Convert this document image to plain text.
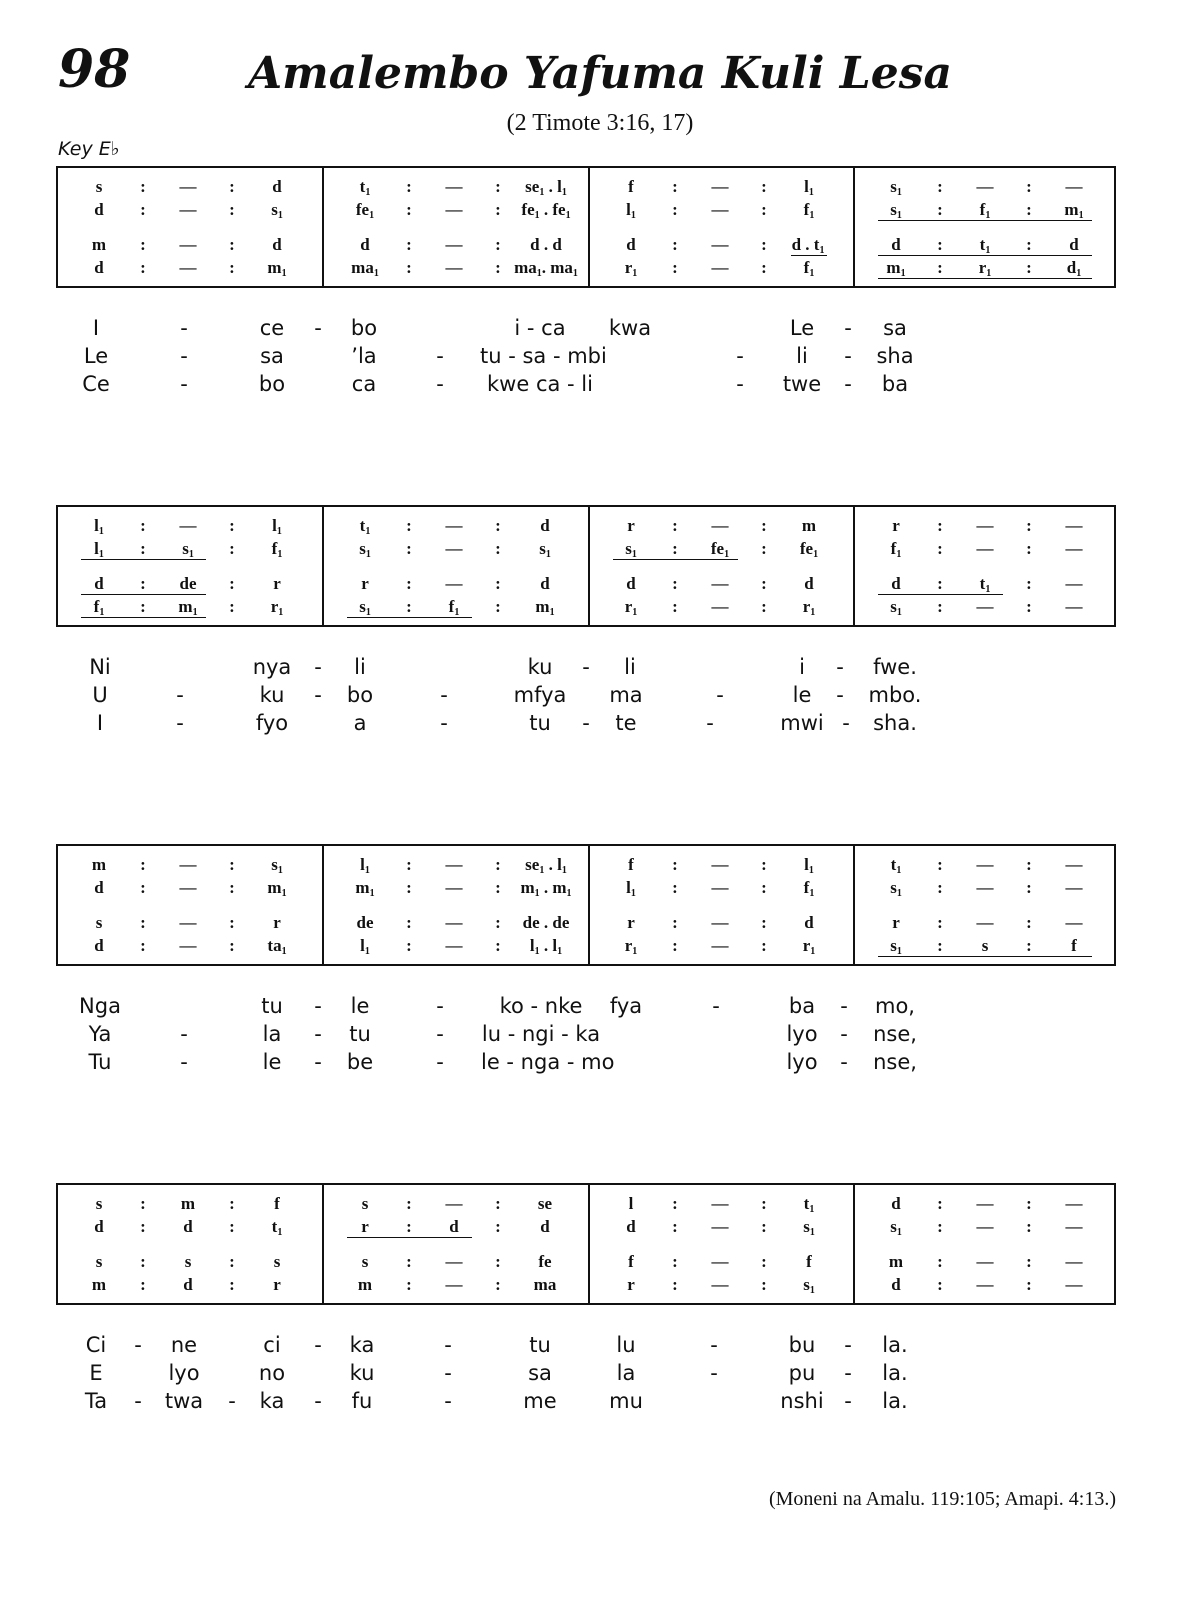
98	Amalembo Yafuma Kuli Lesa
(2 Timote 3:16, 17)
Key E♭
s	:	—	:	d	$t_1$	:	—	:	$se_1$ . $l_1$	f	:	—	:	$l_1$	$s_1$	:	—	:	—
d	:	—	:	$s_1$	$fe_1$	:	—	:	$fe_1$ . $fe_1$	$l_1$	:	—	:	$f_1$	$s_1$	:	$f_1$	:	$m_1$
m	:	—	:	d	d	:	—	:	d . d	d	:	—	:	d . $t_1$	d	:	$t_1$	:	d
d	:	—	:	$m_1$	$ma_1$	:	—	: $ma_1$. $ma_1$	$r_1$	:	—	:	$f_1$	$m_1$	:	$r_1$	:	$d_1$
I	-	ce	-	bo	i - ca	kwa	Le	-	sa
Le	-	sa	’la	-	tu - sa - mbi	-	li	-	sha
Ce	-	bo	ca	-	kwe ca - li	-	twe	-	ba
$l_1$	:	—	:	$l_1$	$t_1$	:	—	:	d	r	:	—	:	m	r	:	—	:	—
$l_1$	:	$s_1$	:	$f_1$	$s_1$	:	—	:	$s_1$	$s_1$	:	$fe_1$	:	$fe_1$	$f_1$	:	—	:	—
d	:	de	:	r	r	:	—	:	d	d	:	—	:	d	d	:	$t_1$	:	—
$f_1$	:	$m_1$	:	$r_1$	$s_1$	:	$f_1$	:	$m_1$	$r_1$	:	—	:	$r_1$	$s_1$	:	—	:	—
Ni	nya	-	li	ku	-	li	i	-	fwe.
U	-	ku	-	bo	-	mfya	ma	-	le	-	mbo.
I	-	fyo	a	-	tu	-	te	-	mwi -	sha.
m	:	—	:	$s_1$	$l_1$	:	—	:	$se_1$ . $l_1$	f	:	—	:	$l_1$	$t_1$	:	—	:	—
d	:	—	:	$m_1$	$m_1$	:	—	:	$m_1$ . $m_1$	$l_1$	:	—	:	$f_1$	$s_1$	:	—	:	—
s	:	—	:	r	de	:	—	:	de . de	r	:	—	:	d	r	:	—	:	—
d	:	—	:	$ta_1$	$l_1$	:	—	:	$l_1$ . $l_1$	$r_1$	:	—	:	$r_1$	$s_1$	:	s	:	f
Nga	tu	-	le	-	ko - nke	fya	-	ba	-	mo,
Ya	-	la	-	tu	-	lu - ngi - ka	lyo	-	nse,
Tu	-	le	-	be	-	le - nga - mo	lyo	-	nse,
s	:	m	:	f	s	:	—	:	se	l	:	—	:	$t_1$	d	:	—	:	—
d	:	d	:	$t_1$	r	:	d	:	d	d	:	—	:	$s_1$	$s_1$	:	—	:	—
s	:	s	:	s	s	:	—	:	fe	f	:	—	:	f	m	:	—	:	—
m	:	d	:	r	m	:	—	:	ma	r	:	—	:	$s_1$	d	:	—	:	—
Ci	-	ne	ci	-	ka	-	tu	lu	-	bu	-	la.
E	lyo	no	ku	-	sa	la	-	pu	-	la.
Ta	-	twa	-	ka	-	fu	-	me	mu	nshi -	la.
(Moneni na Amalu. 119:105; Amapi. 4:13.)
